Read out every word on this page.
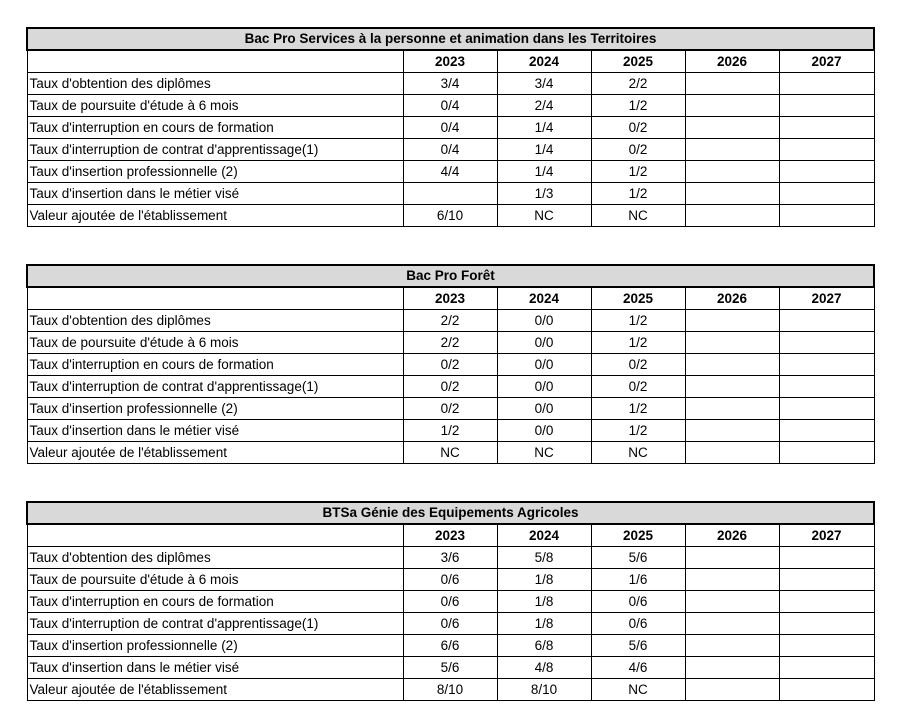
Bac Pro Services à la personne et animation dans les Territoires					
	2023	2024	2025	2026	2027
Taux d'obtention des diplômes	3/4	3/4	2/2		
Taux de poursuite d'étude à 6 mois	0/4	2/4	1/2		
Taux d'interruption en cours de formation	0/4	1/4	0/2		
Taux d'interruption de contrat d'apprentissage(1)	0/4	1/4	0/2		
Taux d'insertion professionnelle (2)	4/4	1/4	1/2		
Taux d'insertion dans le métier visé		1/3	1/2		
Valeur ajoutée de l'établissement	6/10	NC	NC		
Bac Pro Forêt					
	2023	2024	2025	2026	2027
Taux d'obtention des diplômes	2/2	0/0	1/2		
Taux de poursuite d'étude à 6 mois	2/2	0/0	1/2		
Taux d'interruption en cours de formation	0/2	0/0	0/2		
Taux d'interruption de contrat d'apprentissage(1)	0/2	0/0	0/2		
Taux d'insertion professionnelle (2)	0/2	0/0	1/2		
Taux d'insertion dans le métier visé	1/2	0/0	1/2		
Valeur ajoutée de l'établissement	NC	NC	NC		
BTSa Génie des Equipements Agricoles					
	2023	2024	2025	2026	2027
Taux d'obtention des diplômes	3/6	5/8	5/6		
Taux de poursuite d'étude à 6 mois	0/6	1/8	1/6		
Taux d'interruption en cours de formation	0/6	1/8	0/6		
Taux d'interruption de contrat d'apprentissage(1)	0/6	1/8	0/6		
Taux d'insertion professionnelle (2)	6/6	6/8	5/6		
Taux d'insertion dans le métier visé	5/6	4/8	4/6		
Valeur ajoutée de l'établissement	8/10	8/10	NC		
